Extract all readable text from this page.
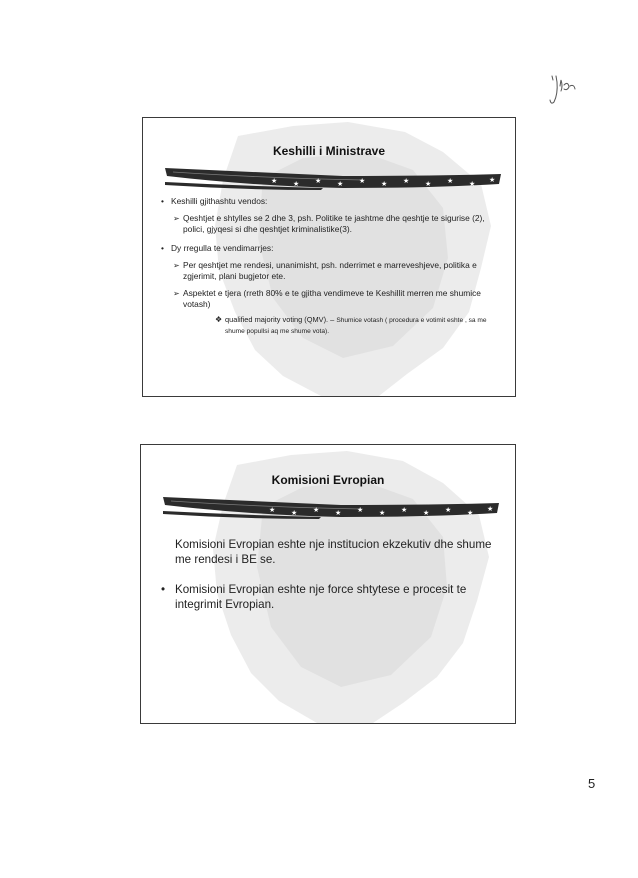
Keshilli i Ministrave
★ ★ ★ ★ ★ ★ ★ ★ ★ ★ ★
• Keshilli gjithashtu vendos:
➢ Qeshtjet e shtylles se 2 dhe 3, psh. Politike te jashtme dhe qeshtje te sigurise (2), polici, gjyqesi si dhe qeshtjet kriminalistike(3).
• Dy rregulla te vendimarrjes:
➢ Per qeshtjet me rendesi, unanimisht, psh. nderrimet e marreveshjeve, politika e zgjerimit, plani bugjetor ete.
➢ Aspektet e tjera (rreth 80% e te gjitha vendimeve te Keshillit merren me shumice votash)
❖ qualified majority voting (QMV). – Shumice votash ( procedura e votimit eshte , sa me shume popullsi aq me shume vota).
Komisioni Evropian
★ ★ ★ ★ ★ ★ ★ ★ ★ ★ ★
Komisioni Evropian eshte nje institucion ekzekutiv dhe shume me rendesi i BE se.
• Komisioni Evropian eshte nje force shtytese e procesit te integrimit Evropian.
5
